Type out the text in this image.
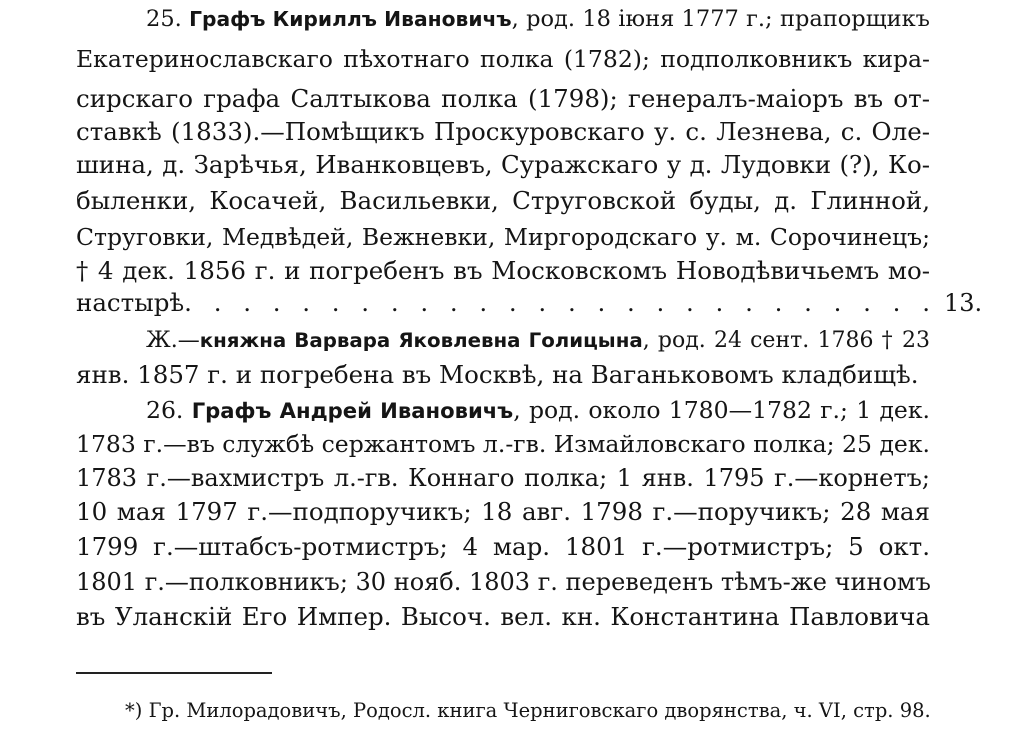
25. Графъ Кириллъ Ивановичъ, род. 18 іюня 1777 г.; прапорщикъ
Екатеринославскаго пѣхотнаго полка (1782); подполковникъ кира-
сирскаго графа Салтыкова полка (1798); генералъ-маіоръ въ от-
ставкѣ (1833).—Помѣщикъ Проскуровскаго у. с. Лезнева, с. Оле-
шина, д. Зарѣчья, Иванковцевъ, Суражскаго у д. Лудовки (?), Ко-
быленки, Косачей, Васильевки, Струговской буды, д. Глинной,
Струговки, Медвѣдей, Вежневки, Миргородскаго у. м. Сорочинецъ;
† 4 дек. 1856 г. и погребенъ въ Московскомъ Новодѣвичьемъ мо-
настырѣ. . . . . . . . . . . . . . . . . . . . . . . . . . 13.
Ж.—княжна Варвара Яковлевна Голицына, род. 24 сент. 1786 † 23
янв. 1857 г. и погребена въ Москвѣ, на Ваганьковомъ кладбищѣ.
26. Графъ Андрей Ивановичъ, род. около 1780—1782 г.; 1 дек.
1783 г.—въ службѣ сержантомъ л.-гв. Измайловскаго полка; 25 дек.
1783 г.—вахмистръ л.-гв. Коннаго полка; 1 янв. 1795 г.—корнетъ;
10 мая 1797 г.—подпоручикъ; 18 авг. 1798 г.—поручикъ; 28 мая
1799 г.—штабсъ-ротмистръ; 4 мар. 1801 г.—ротмистръ; 5 окт.
1801 г.—полковникъ; 30 нояб. 1803 г. переведенъ тѣмъ-же чиномъ
въ Уланскій Его Импер. Высоч. вел. кн. Константина Павловича
*) Гр. Милорадовичъ, Родосл. книга Черниговскаго дворянства, ч. VI, стр. 98.
